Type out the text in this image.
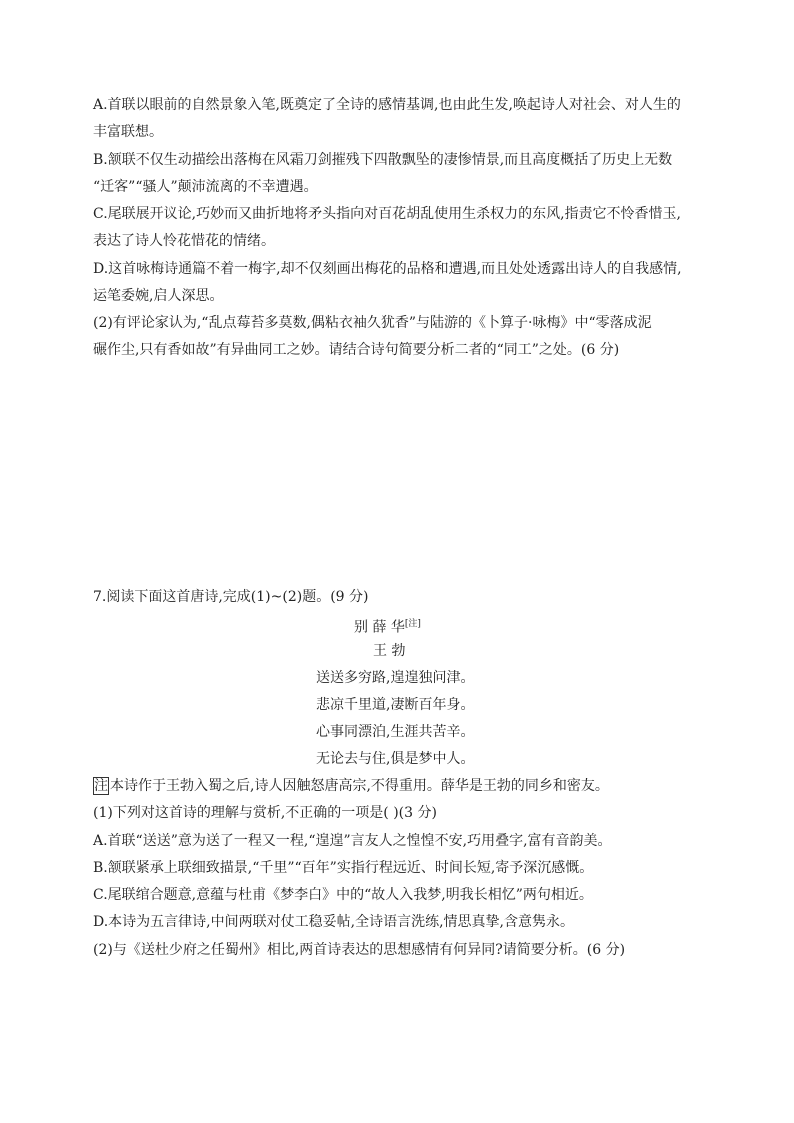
A.首联以眼前的自然景象入笔,既奠定了全诗的感情基调,也由此生发,唤起诗人对社会、对人生的
丰富联想。
B.颔联不仅生动描绘出落梅在风霜刀剑摧残下四散飘坠的凄惨情景,而且高度概括了历史上无数
“迁客”“骚人”颠沛流离的不幸遭遇。
C.尾联展开议论,巧妙而又曲折地将矛头指向对百花胡乱使用生杀权力的东风,指责它不怜香惜玉,
表达了诗人怜花惜花的情绪。
D.这首咏梅诗通篇不着一梅字,却不仅刻画出梅花的品格和遭遇,而且处处透露出诗人的自我感情,
运笔委婉,启人深思。
(2)有评论家认为,“乱点莓苔多莫数,偶粘衣袖久犹香”与陆游的《卜算子·咏梅》中“零落成泥
碾作尘,只有香如故”有异曲同工之妙。请结合诗句简要分析二者的“同工”之处。(6 分)
7.阅读下面这首唐诗,完成(1)~(2)题。(9 分)
别 薛 华[注]
王 勃
送送多穷路,遑遑独问津。
悲凉千里道,凄断百年身。
心事同漂泊,生涯共苦辛。
无论去与住,俱是梦中人。
注 本诗作于王勃入蜀之后,诗人因触怒唐高宗,不得重用。薛华是王勃的同乡和密友。
(1)下列对这首诗的理解与赏析,不正确的一项是( )(3 分)
A.首联“送送”意为送了一程又一程,“遑遑”言友人之惶惶不安,巧用叠字,富有音韵美。
B.颔联紧承上联细致描景,“千里”“百年”实指行程远近、时间长短,寄予深沉感慨。
C.尾联绾合题意,意蕴与杜甫《梦李白》中的“故人入我梦,明我长相忆”两句相近。
D.本诗为五言律诗,中间两联对仗工稳妥帖,全诗语言洗练,情思真挚,含意隽永。
(2)与《送杜少府之任蜀州》相比,两首诗表达的思想感情有何异同?请简要分析。(6 分)
